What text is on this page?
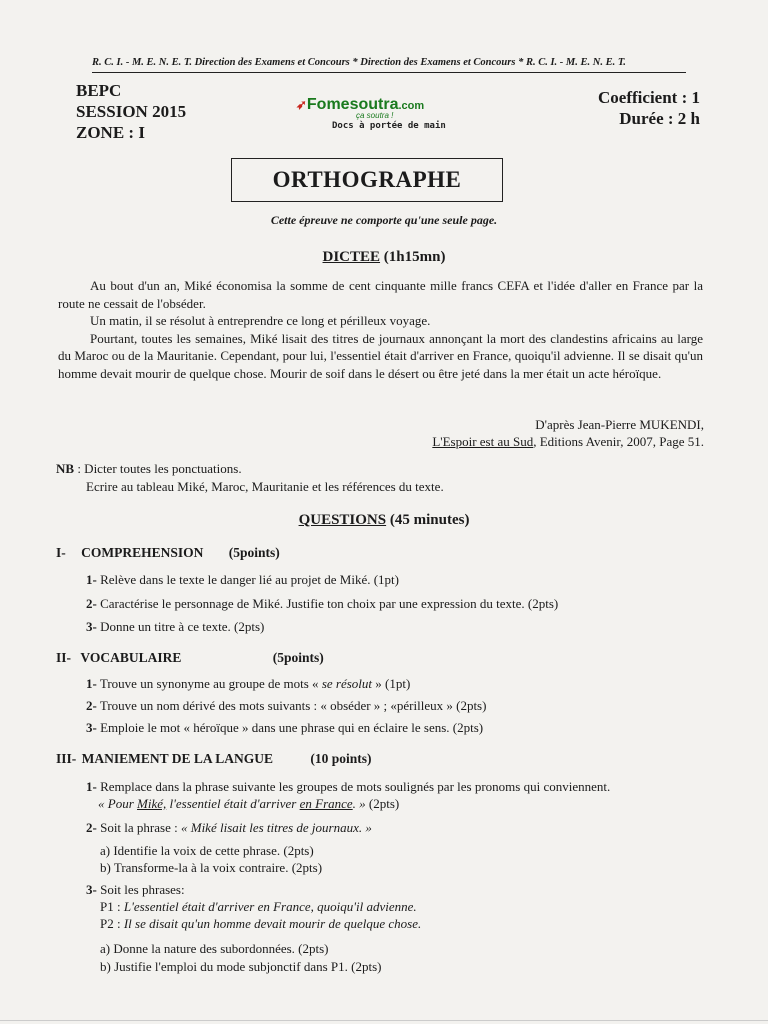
R. C. I. - M. E. N. E. T. Direction des Examens et Concours * Direction des Examens et Concours * R. C. I. - M. E. N. E. T.
BEPC
SESSION 2015
ZONE : I
Coefficient : 1
Durée : 2 h
➶Fomesoutra.com
ça soutra !
Docs à portée de main
ORTHOGRAPHE
Cette épreuve ne comporte qu'une seule page.
DICTEE (1h15mn)

Au bout d'un an, Miké économisa la somme de cent cinquante mille francs CEFA et l'idée d'aller en France par la route ne cessait de l'obséder.

Un matin, il se résolut à entreprendre ce long et périlleux voyage.

Pourtant, toutes les semaines, Miké lisait des titres de journaux annonçant la mort des clandestins africains au large du Maroc ou de la Mauritanie. Cependant, pour lui, l'essentiel était d'arriver en France, quoiqu'il advienne. Il se disait qu'un homme devait mourir de quelque chose. Mourir de soif dans le désert ou être jeté dans la mer était un acte héroïque.

D'après Jean-Pierre MUKENDI,
L'Espoir est au Sud, Editions Avenir, 2007, Page 51.
NB : Dicter toutes les ponctuations.
Ecrire au tableau Miké, Maroc, Mauritanie et les références du texte.
QUESTIONS (45 minutes)
I- COMPREHENSION (5points)
1- Relève dans le texte le danger lié au projet de Miké. (1pt)
2- Caractérise le personnage de Miké. Justifie ton choix par une expression du texte. (2pts)
3- Donne un titre à ce texte. (2pts)
II- VOCABULAIRE	(5points)
1- Trouve un synonyme au groupe de mots « se résolut » (1pt)
2- Trouve un nom dérivé des mots suivants : « obséder » ; «périlleux » (2pts)
3- Emploie le mot « héroïque » dans une phrase qui en éclaire le sens. (2pts)
III- MANIEMENT DE LA LANGUE	(10 points)
1- Remplace dans la phrase suivante les groupes de mots soulignés par les pronoms qui conviennent.
« Pour Miké, l'essentiel était d'arriver en France. » (2pts)
2- Soit la phrase : « Miké lisait les titres de journaux. »
a) Identifie la voix de cette phrase. (2pts)
b) Transforme-la à la voix contraire. (2pts)
3- Soit les phrases:
P1 : L'essentiel était d'arriver en France, quoiqu'il advienne.
P2 : Il se disait qu'un homme devait mourir de quelque chose.
a) Donne la nature des subordonnées. (2pts)
b) Justifie l'emploi du mode subjonctif dans P1. (2pts)
